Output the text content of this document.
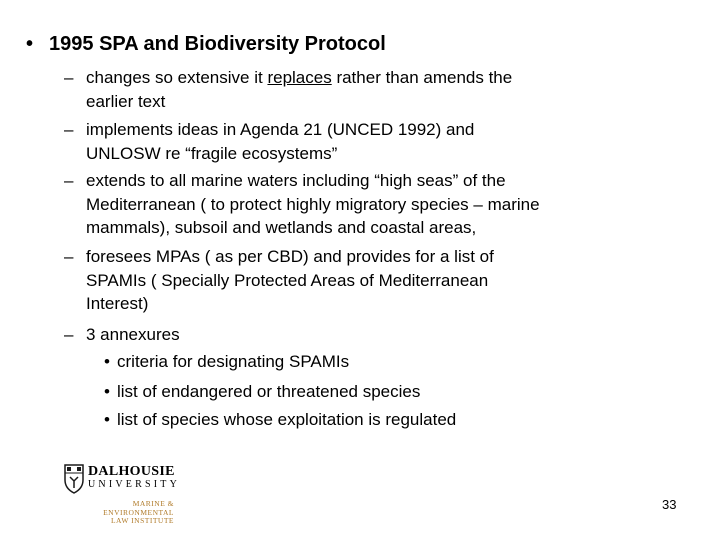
• 1995 SPA and Biodiversity Protocol
– changes so extensive it replaces rather than amends the
earlier text
– implements ideas in Agenda 21 (UNCED 1992) and
UNLOSW re “fragile ecosystems”
– extends to all marine waters including “high seas” of the
Mediterranean ( to protect highly migratory species – marine
mammals), subsoil and wetlands and coastal areas,
– foresees MPAs ( as per CBD) and provides for a list of
SPAMIs ( Specially Protected Areas of Mediterranean
Interest)
– 3 annexures
• criteria for designating SPAMIs
• list of endangered or threatened species
• list of species whose exploitation is regulated
DALHOUSIE
UNIVERSITY
MARINE &
ENVIRONMENTAL
LAW INSTITUTE
33
